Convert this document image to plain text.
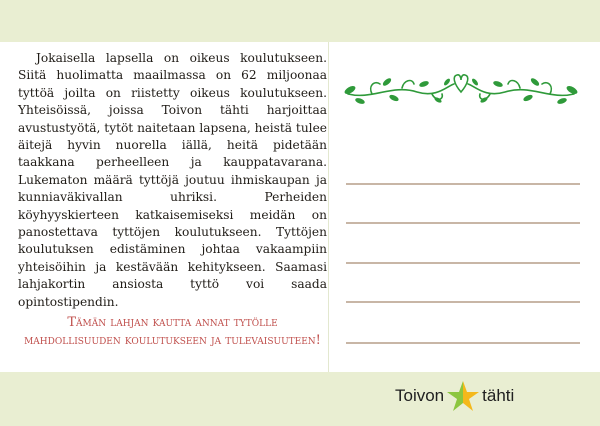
Jokaisella lapsella on oikeus koulutukseen. Siitä huolimatta maailmassa on 62 miljoonaa tyttöä joilta on riistetty oikeus koulutukseen. Yhteisöissä, joissa Toivon tähti harjoittaa avustustyötä, tytöt naitetaan lapsena, heistä tulee äitejä hyvin nuorella iällä, heitä pidetään taakkana perheelleen ja kauppatavarana. Lukematon määrä tyttöjä joutuu ihmiskaupan ja kunniaväkivallan uhriksi. Perheiden köyhyyskierteen katkaisemiseksi meidän on panostettava tyttöjen koulutukseen. Tyttöjen koulutuksen edistäminen johtaa vakaampiin yhteisöihin ja kestävään kehitykseen. Saamasi lahjakortin ansiosta tyttö voi saada opintostipendin.

Tämän lahjan kautta annat tytölle mahdollisuuden koulutukseen ja tulevaisuuteen!

Toivon tähti
